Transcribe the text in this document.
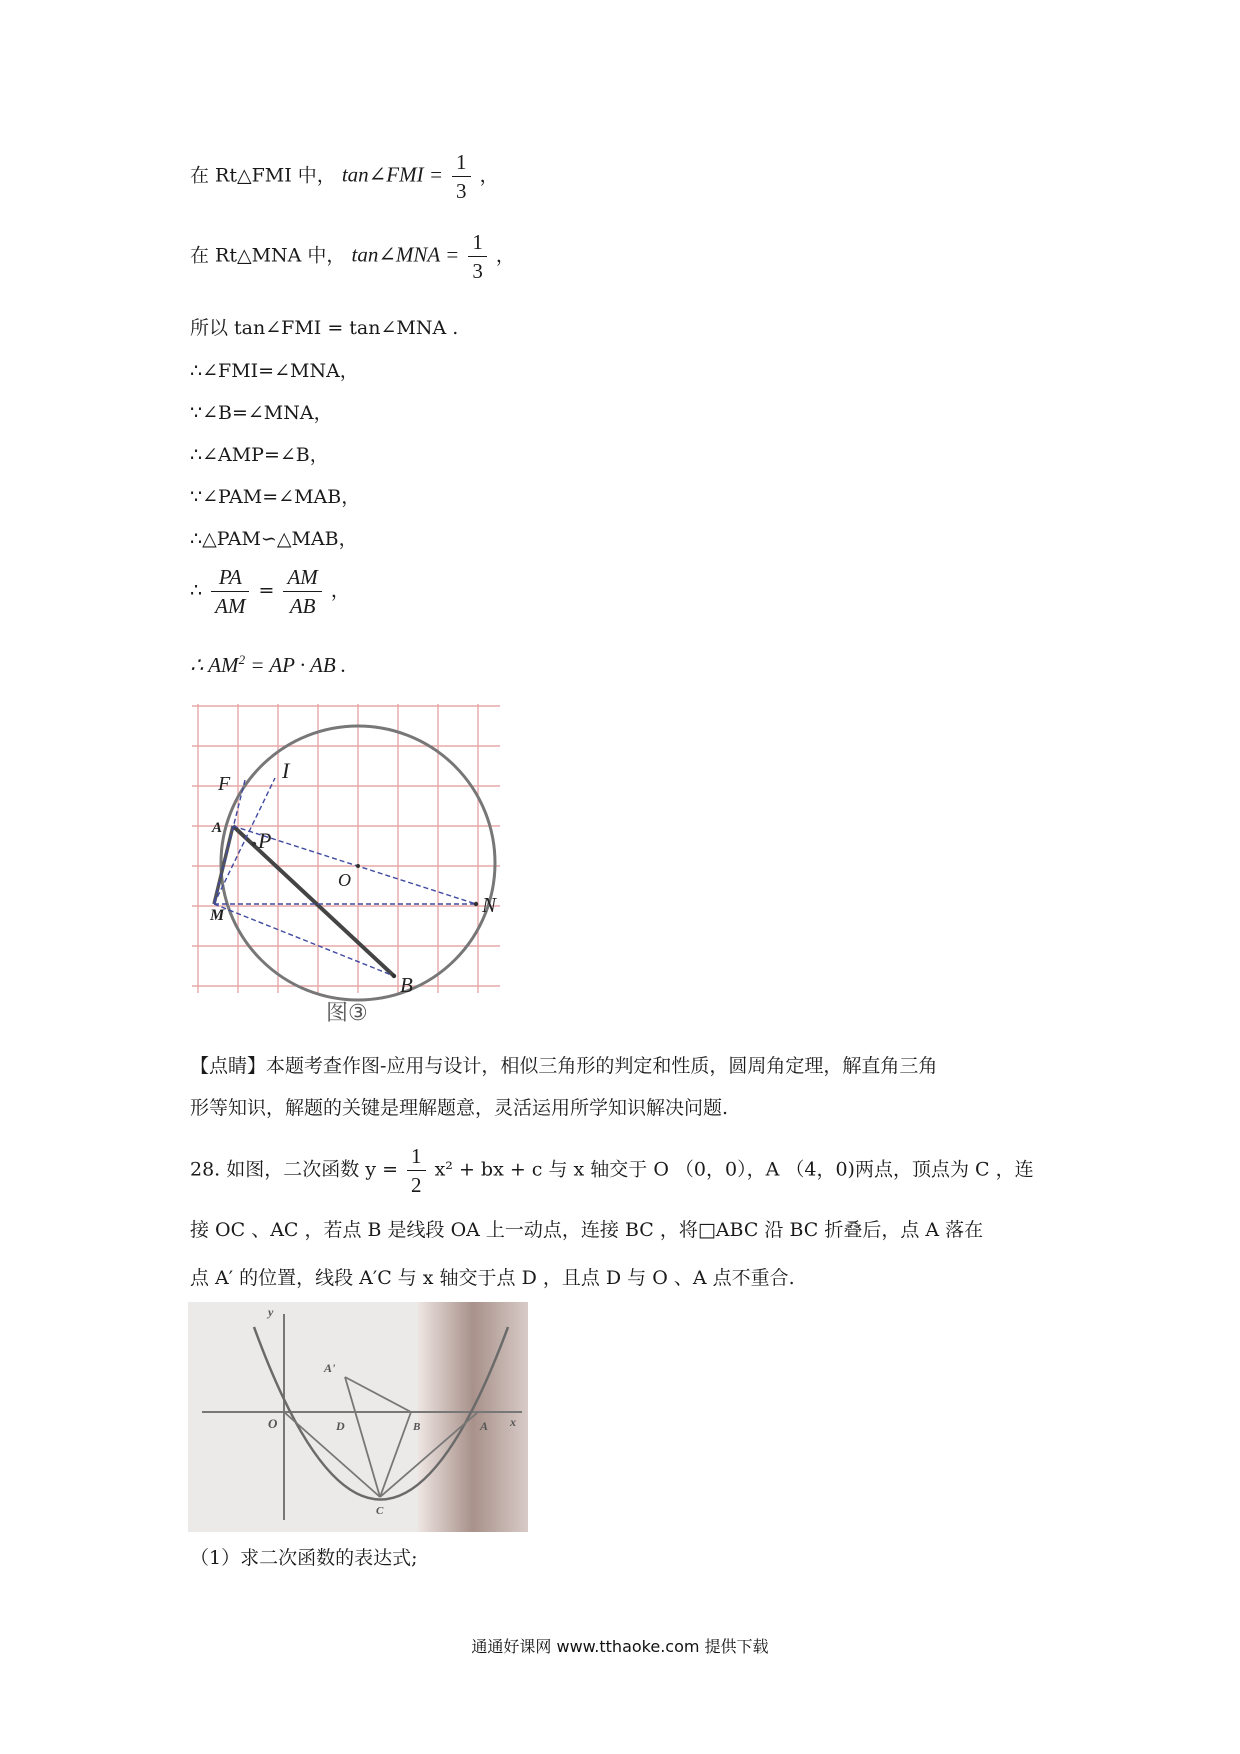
在 Rt△FMI 中， tan∠FMI = $\frac{1}{3}$ ，
在 Rt△MNA 中， tan∠MNA = $\frac{1}{3}$ ，
所以 tan∠FMI = tan∠MNA .
∴∠FMI=∠MNA，
∵∠B=∠MNA，
∴∠AMP=∠B，
∵∠PAM=∠MAB，
∴△PAM∽△MAB，
∴ $\frac{PA}{AM} = \frac{AM}{AB}$ ，
∴ $AM^2$ = AP · AB .
F
I
A P
O
M	N
B
图③
【点睛】本题考查作图-应用与设计，相似三角形的判定和性质，圆周角定理，解直角三角
形等知识，解题的关键是理解题意，灵活运用所学知识解决问题.
28. 如图，二次函数 $y = \frac{1}{2} x^2$ + bx + c 与 x 轴交于 O （0，0），A （4，0)两点，顶点为 C ，连
接 OC 、AC ，若点 B 是线段 OA 上一动点，连接 BC ，将□ABC 沿 BC 折叠后，点 A 落在
点 A′ 的位置，线段 A′C 与 x 轴交于点 D ，且点 D 与 O 、A 点不重合.
y
x
O
A'
D	B	A
C
（1）求二次函数的表达式;
通通好课网 www.tthaoke.com 提供下载
